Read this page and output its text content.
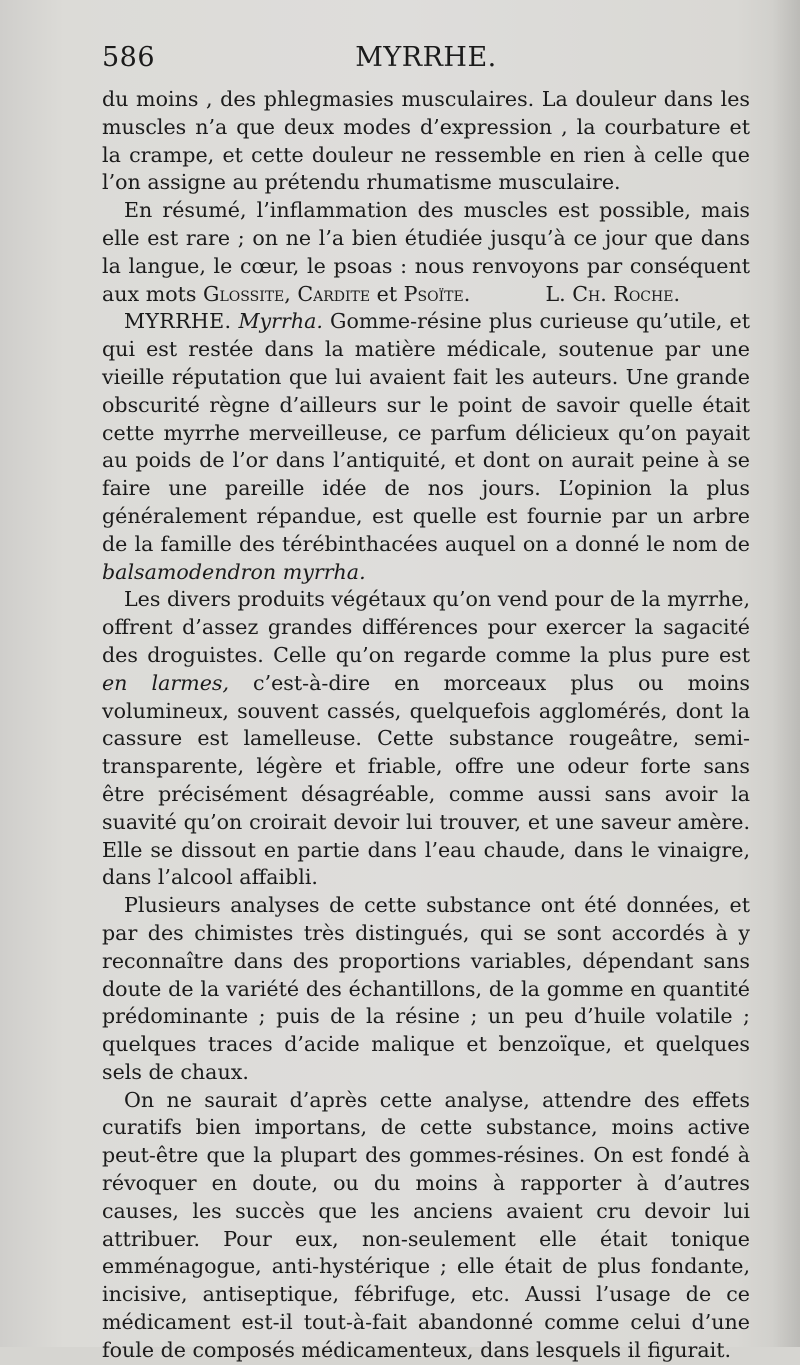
586	MYRRHE.

du moins , des phlegmasies musculaires. La douleur dans les muscles n’a que deux modes d’expression , la courbature et la crampe, et cette douleur ne ressemble en rien à celle que l’on assigne au prétendu rhumatisme musculaire.

En résumé, l’inflammation des muscles est possible, mais elle est rare ; on ne l’a bien étudiée jusqu’à ce jour que dans la langue, le cœur, le psoas : nous renvoyons par conséquent aux mots Glossite, Cardite et Psoïte.	L. Ch. Roche.

MYRRHE. Myrrha. Gomme-résine plus curieuse qu’utile, et qui est restée dans la matière médicale, soutenue par une vieille réputation que lui avaient fait les auteurs. Une grande obscurité règne d’ailleurs sur le point de savoir quelle était cette myrrhe merveilleuse, ce parfum délicieux qu’on payait au poids de l’or dans l’antiquité, et dont on aurait peine à se faire une pareille idée de nos jours. L’opinion la plus généralement répandue, est quelle est fournie par un arbre de la famille des térébinthacées auquel on a donné le nom de balsamodendron myrrha.

Les divers produits végétaux qu’on vend pour de la myrrhe, offrent d’assez grandes différences pour exercer la sagacité des droguistes. Celle qu’on regarde comme la plus pure est en larmes, c’est-à-dire en morceaux plus ou moins volumineux, souvent cassés, quelquefois agglomérés, dont la cassure est lamelleuse. Cette substance rougeâtre, semi-transparente, légère et friable, offre une odeur forte sans être précisément désagréable, comme aussi sans avoir la suavité qu’on croirait devoir lui trouver, et une saveur amère. Elle se dissout en partie dans l’eau chaude, dans le vinaigre, dans l’alcool affaibli.

Plusieurs analyses de cette substance ont été données, et par des chimistes très distingués, qui se sont accordés à y reconnaître dans des proportions variables, dépendant sans doute de la variété des échantillons, de la gomme en quantité prédominante ; puis de la résine ; un peu d’huile volatile ; quelques traces d’acide malique et benzoïque, et quelques sels de chaux.

On ne saurait d’après cette analyse, attendre des effets curatifs bien importans, de cette substance, moins active peut-être que la plupart des gommes-résines. On est fondé à révoquer en doute, ou du moins à rapporter à d’autres causes, les succès que les anciens avaient cru devoir lui attribuer. Pour eux, non-seulement elle était tonique emménagogue, anti-hystérique ; elle était de plus fondante, incisive, antiseptique, fébrifuge, etc. Aussi l’usage de ce médicament est-il tout-à-fait abandonné comme celui d’une foule de composés médicamenteux, dans lesquels il figurait.
